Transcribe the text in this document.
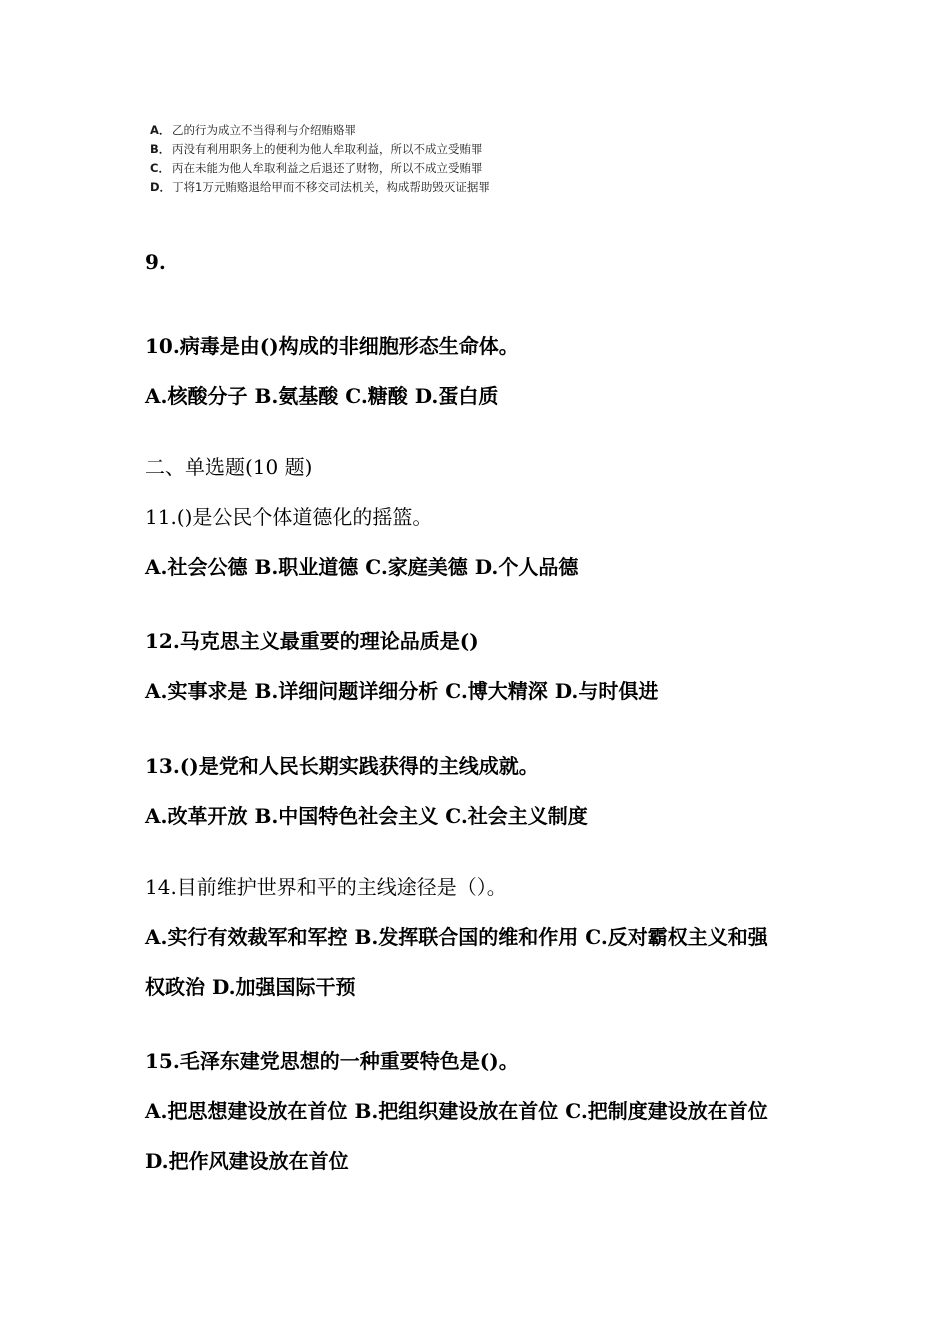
A． 乙的行为成立不当得利与介绍贿赂罪
B． 丙没有利用职务上的便利为他人牟取利益，所以不成立受贿罪
C． 丙在未能为他人牟取利益之后退还了财物，所以不成立受贿罪
D．丁将1万元贿赂退给甲而不移交司法机关，构成帮助毁灭证据罪
9.
10.病毒是由()构成的非细胞形态生命体。
A.核酸分子 B.氨基酸 C.糖酸 D.蛋白质
二、单选题(10 题)
11.()是公民个体道德化的摇篮。
A.社会公德 B.职业道德 C.家庭美德 D.个人品德
12.马克思主义最重要的理论品质是()
A.实事求是 B.详细问题详细分析 C.博大精深 D.与时俱进
13.()是党和人民长期实践获得的主线成就。
A.改革开放 B.中国特色社会主义 C.社会主义制度
14.目前维护世界和平的主线途径是（）。
A.实行有效裁军和军控 B.发挥联合国的维和作用 C.反对霸权主义和强
权政治 D.加强国际干预
15.毛泽东建党思想的一种重要特色是()。
A.把思想建设放在首位 B.把组织建设放在首位 C.把制度建设放在首位
D.把作风建设放在首位
